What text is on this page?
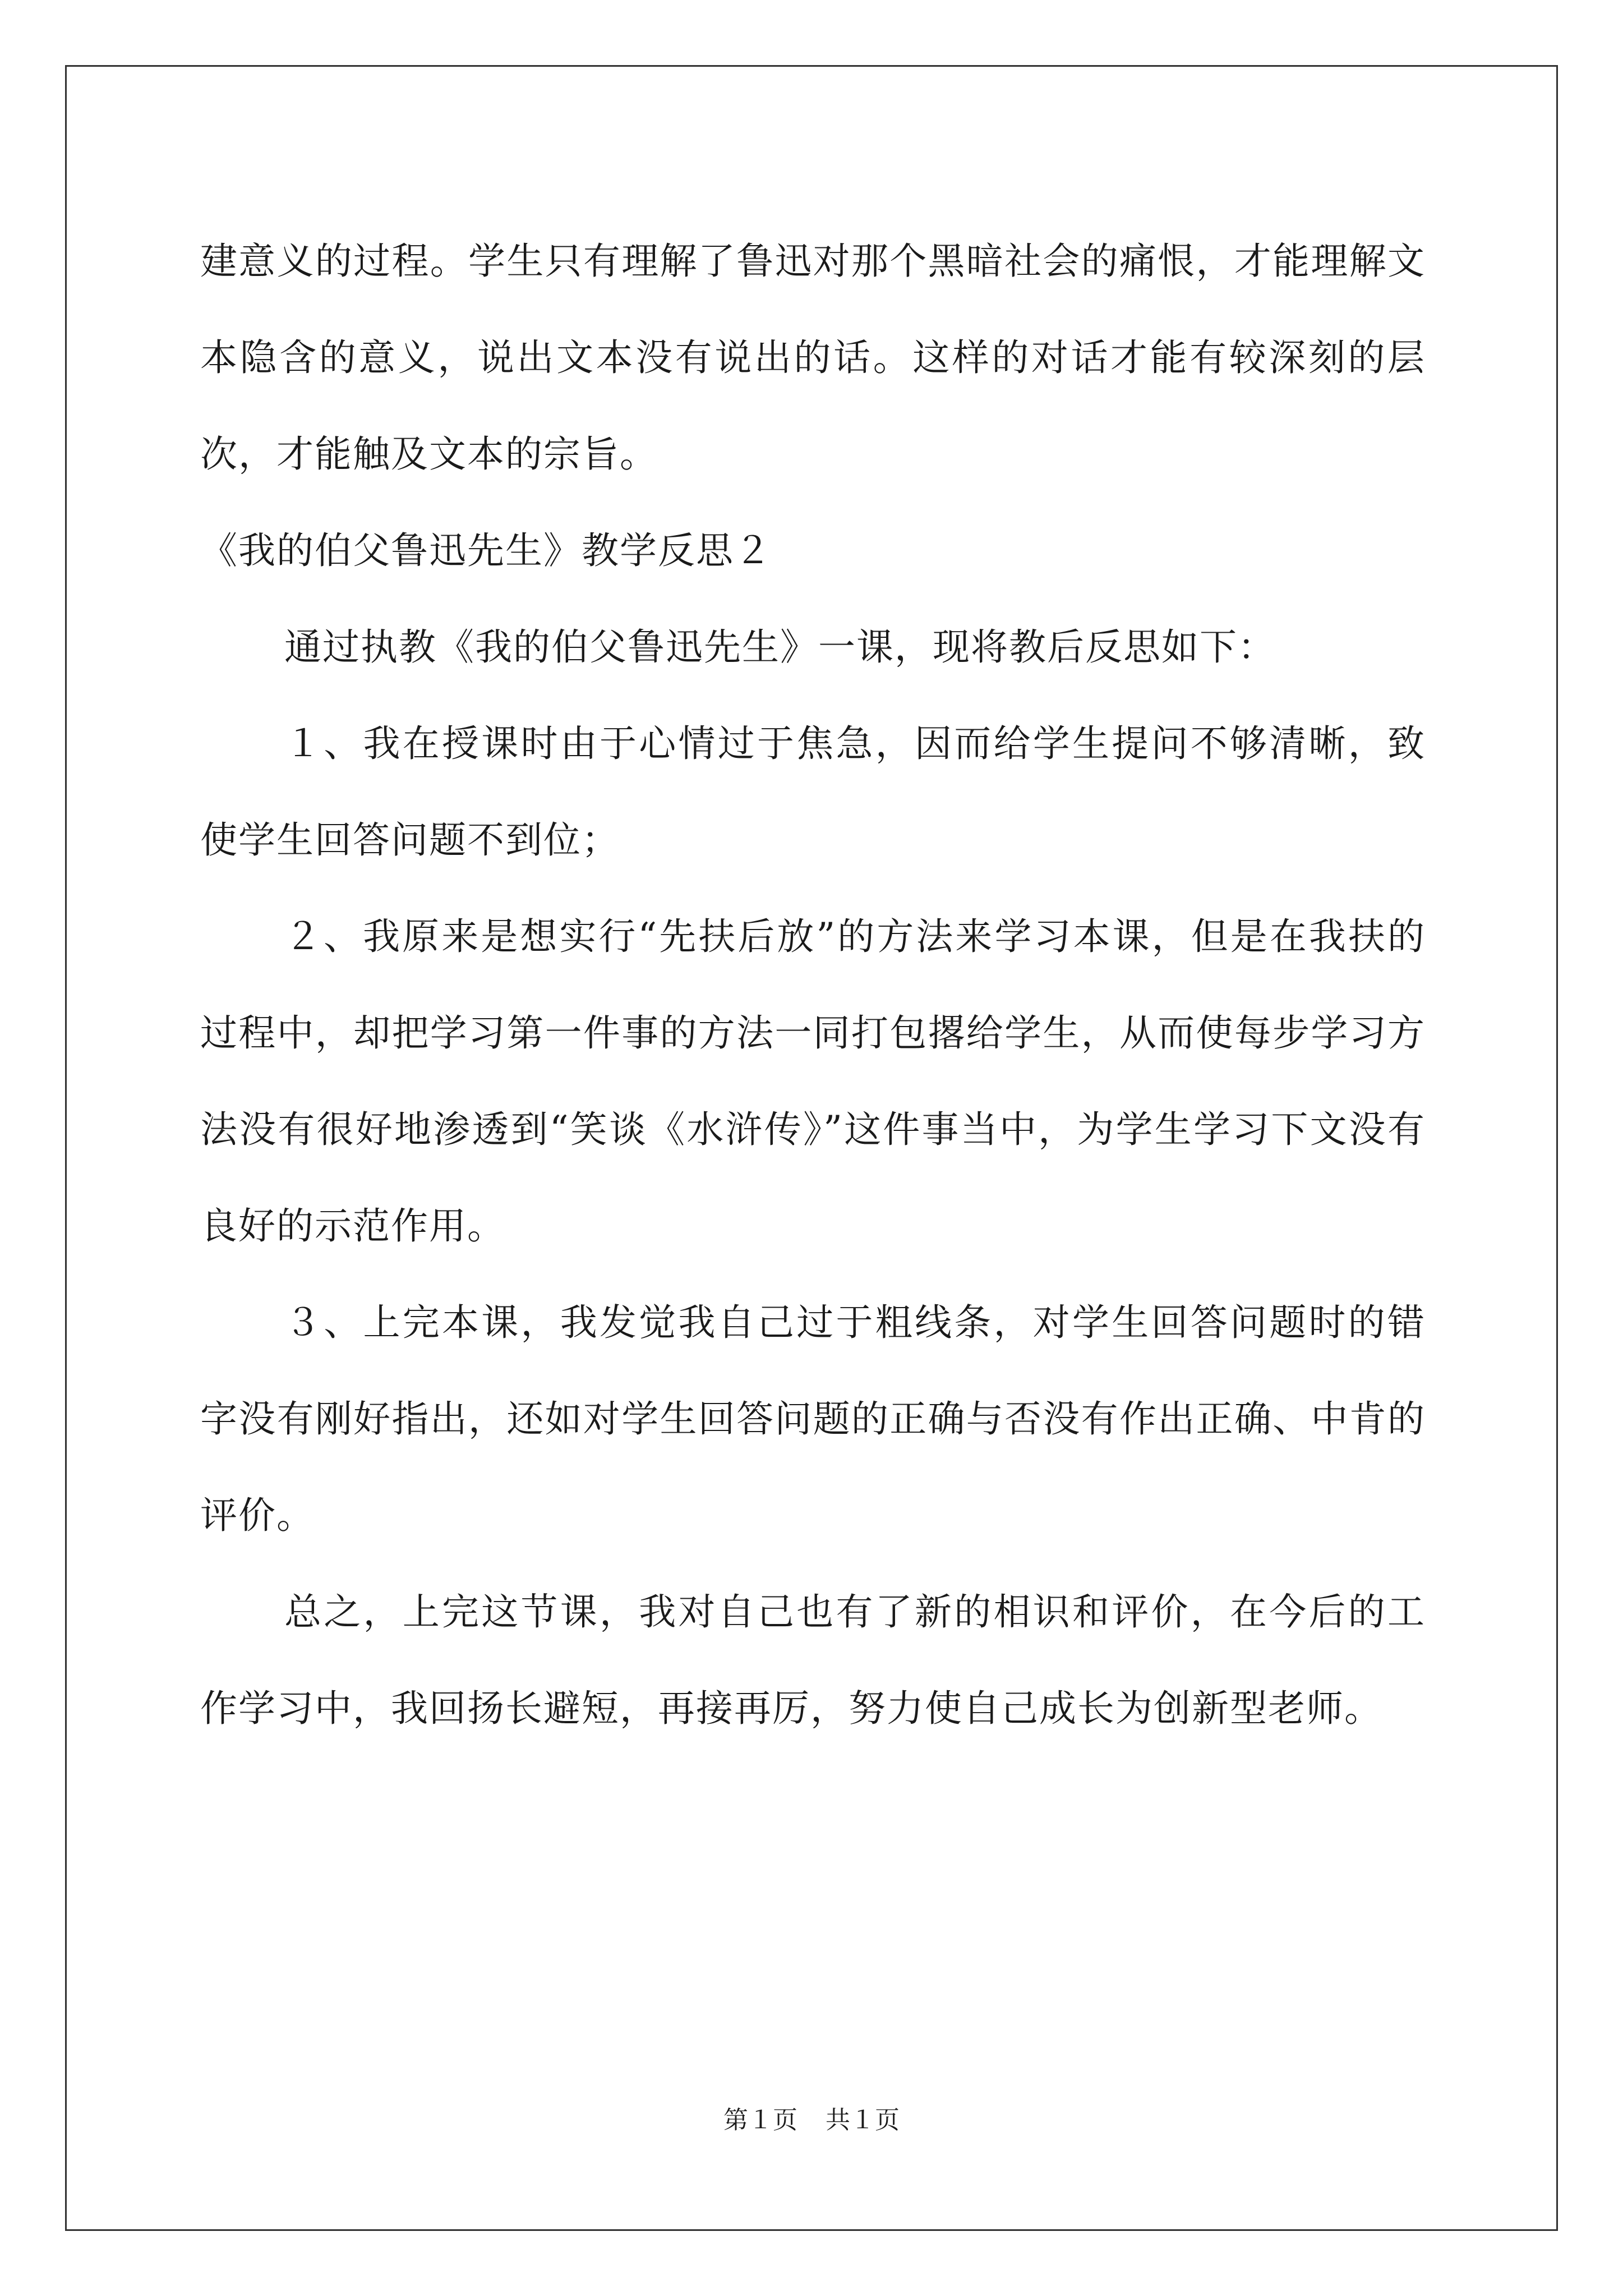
建意义的过程。学生只有理解了鲁迅对那个黑暗社会的痛恨，才能理解文本隐含的意义，说出文本没有说出的话。这样的对话才能有较深刻的层次，才能触及文本的宗旨。

《我的伯父鲁迅先生》教学反思２

通过执教《我的伯父鲁迅先生》一课，现将教后反思如下：

１、我在授课时由于心情过于焦急，因而给学生提问不够清晰，致使学生回答问题不到位；

２、我原来是想实行“先扶后放”的方法来学习本课，但是在我扶的过程中，却把学习第一件事的方法一同打包撂给学生，从而使每步学习方法没有很好地渗透到“笑谈《水浒传》”这件事当中，为学生学习下文没有良好的示范作用。

３、上完本课，我发觉我自己过于粗线条，对学生回答问题时的错字没有刚好指出，还如对学生回答问题的正确与否没有作出正确、中肯的评价。

总之，上完这节课，我对自己也有了新的相识和评价，在今后的工作学习中，我回扬长避短，再接再厉，努力使自己成长为创新型老师。

第１页 共１页
